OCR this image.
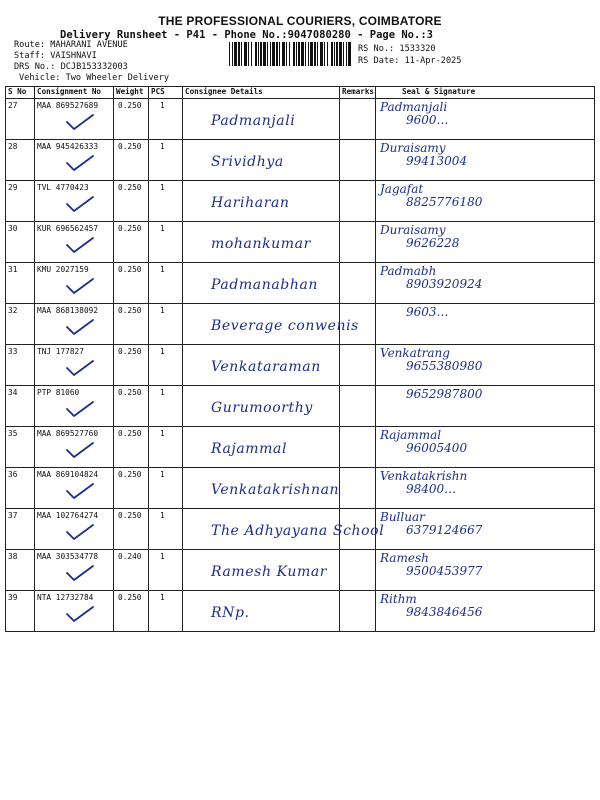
THE PROFESSIONAL COURIERS, COIMBATORE
Delivery Runsheet - P41 - Phone No.:9047080280 - Page No.:3
Route: MAHARANI AVENUE
Staff: VAISHNAVI
DRS No.: DCJB153332003
Vehicle: Two Wheeler Delivery
RS No.: 1533320
RS Date: 11-Apr-2025
S No	Consignment No	Weight	PCS	Consignee Details	Remarks	Seal & Signature

27	MAA 869527689	0.250	1	Padmanjali		Padmanjali
9600…

28	MAA 945426333	0.250	1	Srividhya		Duraisamy
99413004

29	TVL 4770423	0.250	1	Hariharan		Jagafat
8825776180

30	KUR 696562457	0.250	1	mohankumar		Duraisamy
9626228

31	KMU 2027159	0.250	1	Padmanabhan		Padmabh
8903920924

32	MAA 868138092	0.250	1	Beverage conwenis		9603…

33	TNJ 177827	0.250	1	Venkataraman		Venkatrang
9655380980

34	PTP 81060	0.250	1	Gurumoorthy		9652987800

35	MAA 869527760	0.250	1	Rajammal		Rajammal
96005400

36	MAA 869104824	0.250	1	Venkatakrishnan		Venkatakrishn
98400…

37	MAA 102764274	0.250	1	The Adhyayana School		Bulluar
6379124667

38	MAA 303534778	0.240	1	Ramesh Kumar		Ramesh
9500453977

39	NTA 12732784	0.250	1	RNp.		Rithm
9843846456
